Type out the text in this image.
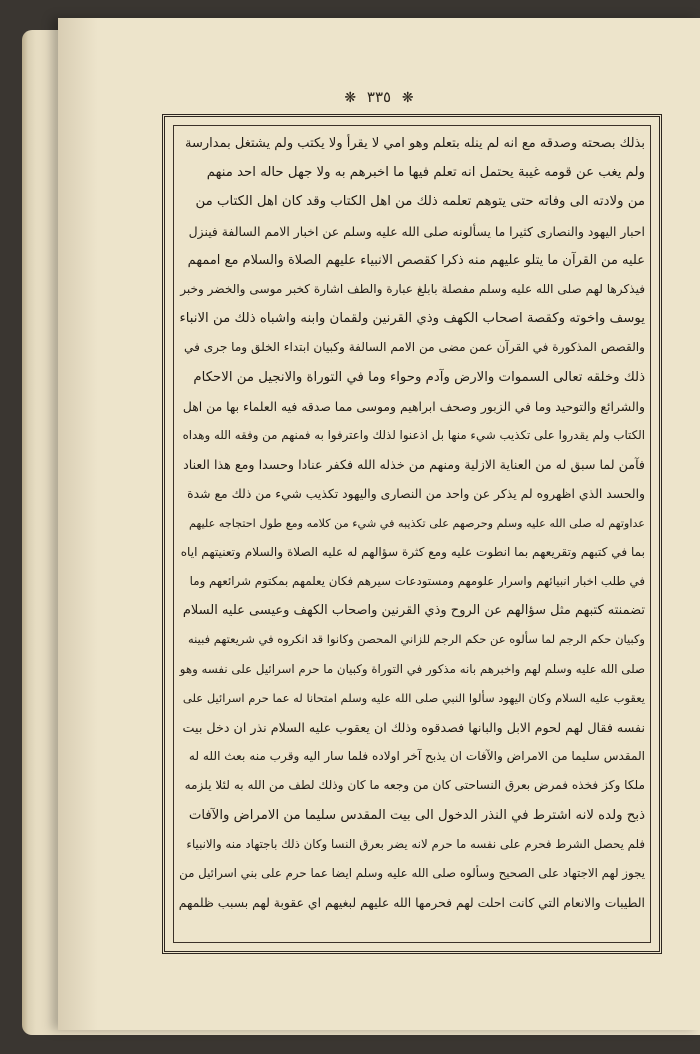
❋ ٣٣٥ ❋
بذلك بصحته وصدقه مع انه لم ينله بتعلم وهو امي لا يقرأ ولا يكتب ولم يشتغل بمدارسة
ولم يغب عن قومه غيبة يحتمل انه تعلم فيها ما اخبرهم به ولا جهل حاله احد منهم
من ولادته الى وفاته حتى يتوهم تعلمه ذلك من اهل الكتاب وقد كان اهل الكتاب من
احبار اليهود والنصارى كثيرا ما يسألونه صلى الله عليه وسلم عن اخبار الامم السالفة فينزل
عليه من القرآن ما يتلو عليهم منه ذكرا كقصص الانبياء عليهم الصلاة والسلام مع اممهم
فيذكرها لهم صلى الله عليه وسلم مفصلة بابلغ عبارة والطف اشارة كخبر موسى والخضر وخبر
يوسف واخوته وكقصة اصحاب الكهف وذي القرنين ولقمان وابنه واشباه ذلك من الانباء
والقصص المذكورة في القرآن عمن مضى من الامم السالفة وكبيان ابتداء الخلق وما جرى في
ذلك وخلقه تعالى السموات والارض وآدم وحواء وما في التوراة والانجيل من الاحكام
والشرائع والتوحيد وما في الزبور وصحف ابراهيم وموسى مما صدقه فيه العلماء بها من اهل
الكتاب ولم يقدروا على تكذيب شيء منها بل اذعنوا لذلك واعترفوا به فمنهم من وفقه الله وهداه
فآمن لما سبق له من العناية الازلية ومنهم من خذله الله فكفر عنادا وحسدا ومع هذا العناد
والحسد الذي اظهروه لم يذكر عن واحد من النصارى واليهود تكذيب شيء من ذلك مع شدة
عداوتهم له صلى الله عليه وسلم وحرصهم على تكذيبه في شيء من كلامه ومع طول احتجاجه عليهم
بما في كتبهم وتقريعهم بما انطوت عليه ومع كثرة سؤالهم له عليه الصلاة والسلام وتعنيتهم اياه
في طلب اخبار انبيائهم واسرار علومهم ومستودعات سيرهم فكان يعلمهم بمكتوم شرائعهم وما
تضمنته كتبهم مثل سؤالهم عن الروح وذي القرنين واصحاب الكهف وعيسى عليه السلام
وكبيان حكم الرجم لما سألوه عن حكم الرجم للزاني المحصن وكانوا قد انكروه في شريعتهم فبينه
صلى الله عليه وسلم لهم واخبرهم بانه مذكور في التوراة وكبيان ما حرم اسرائيل على نفسه وهو
يعقوب عليه السلام وكان اليهود سألوا النبي صلى الله عليه وسلم امتحانا له عما حرم اسرائيل على
نفسه فقال لهم لحوم الابل والبانها فصدقوه وذلك ان يعقوب عليه السلام نذر ان دخل بيت
المقدس سليما من الامراض والآفات ان يذبح آخر اولاده فلما سار اليه وقرب منه بعث الله له
ملكا وكز فخذه فمرض بعرق النساحتى كان من وجعه ما كان وذلك لطف من الله به لئلا يلزمه
ذبح ولده لانه اشترط في النذر الدخول الى بيت المقدس سليما من الامراض والآفات
فلم يحصل الشرط فحرم على نفسه ما حرم لانه يضر بعرق النسا وكان ذلك باجتهاد منه والانبياء
يجوز لهم الاجتهاد على الصحيح وسألوه صلى الله عليه وسلم ايضا عما حرم على بني اسرائيل من
الطيبات والانعام التي كانت احلت لهم فحرمها الله عليهم لبغيهم اي عقوبة لهم بسبب ظلمهم
